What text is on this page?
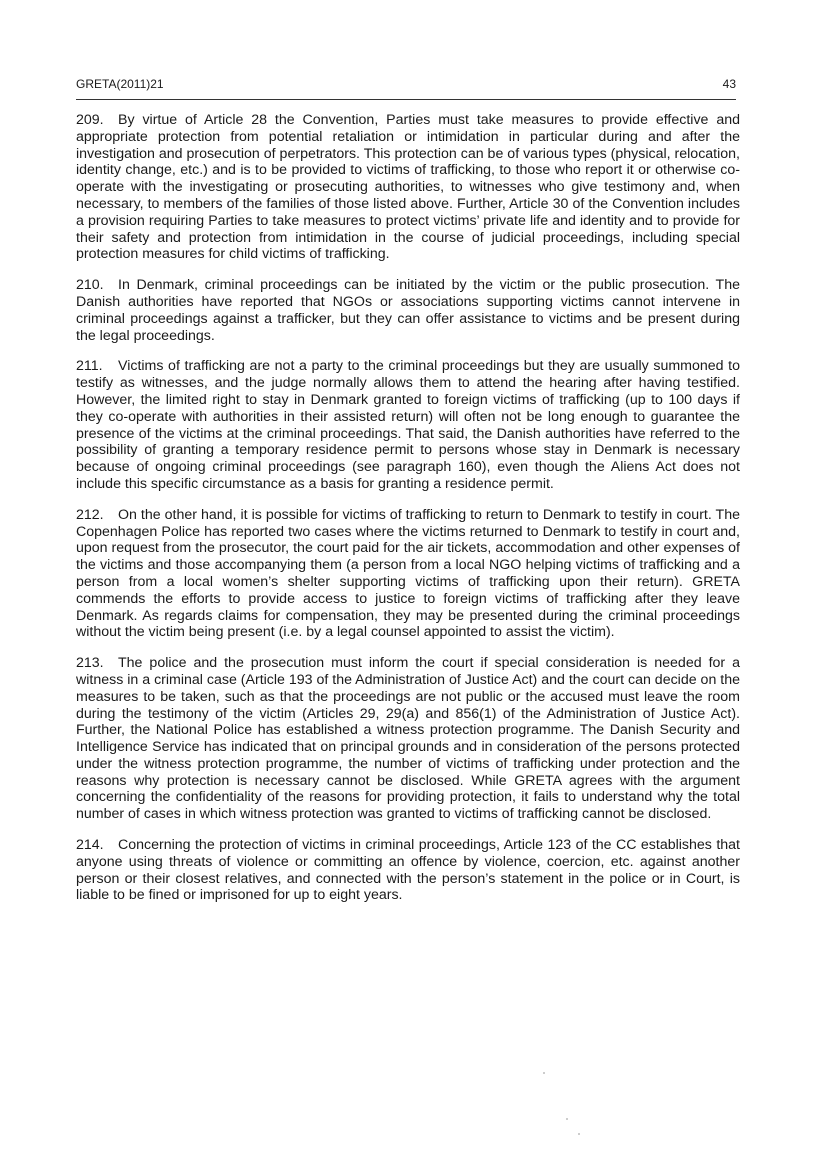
GRETA(2011)21	43

209. By virtue of Article 28 the Convention, Parties must take measures to provide effective and appropriate protection from potential retaliation or intimidation in particular during and after the investigation and prosecution of perpetrators. This protection can be of various types (physical, relocation, identity change, etc.) and is to be provided to victims of trafficking, to those who report it or otherwise co-operate with the investigating or prosecuting authorities, to witnesses who give testimony and, when necessary, to members of the families of those listed above. Further, Article 30 of the Convention includes a provision requiring Parties to take measures to protect victims’ private life and identity and to provide for their safety and protection from intimidation in the course of judicial proceedings, including special protection measures for child victims of trafficking.

210. In Denmark, criminal proceedings can be initiated by the victim or the public prosecution. The Danish authorities have reported that NGOs or associations supporting victims cannot intervene in criminal proceedings against a trafficker, but they can offer assistance to victims and be present during the legal proceedings.

211. Victims of trafficking are not a party to the criminal proceedings but they are usually summoned to testify as witnesses, and the judge normally allows them to attend the hearing after having testified. However, the limited right to stay in Denmark granted to foreign victims of trafficking (up to 100 days if they co-operate with authorities in their assisted return) will often not be long enough to guarantee the presence of the victims at the criminal proceedings. That said, the Danish authorities have referred to the possibility of granting a temporary residence permit to persons whose stay in Denmark is necessary because of ongoing criminal proceedings (see paragraph 160), even though the Aliens Act does not include this specific circumstance as a basis for granting a residence permit.

212. On the other hand, it is possible for victims of trafficking to return to Denmark to testify in court. The Copenhagen Police has reported two cases where the victims returned to Denmark to testify in court and, upon request from the prosecutor, the court paid for the air tickets, accommodation and other expenses of the victims and those accompanying them (a person from a local NGO helping victims of trafficking and a person from a local women’s shelter supporting victims of trafficking upon their return). GRETA commends the efforts to provide access to justice to foreign victims of trafficking after they leave Denmark. As regards claims for compensation, they may be presented during the criminal proceedings without the victim being present (i.e. by a legal counsel appointed to assist the victim).

213. The police and the prosecution must inform the court if special consideration is needed for a witness in a criminal case (Article 193 of the Administration of Justice Act) and the court can decide on the measures to be taken, such as that the proceedings are not public or the accused must leave the room during the testimony of the victim (Articles 29, 29(a) and 856(1) of the Administration of Justice Act). Further, the National Police has established a witness protection programme. The Danish Security and Intelligence Service has indicated that on principal grounds and in consideration of the persons protected under the witness protection programme, the number of victims of trafficking under protection and the reasons why protection is necessary cannot be disclosed. While GRETA agrees with the argument concerning the confidentiality of the reasons for providing protection, it fails to understand why the total number of cases in which witness protection was granted to victims of trafficking cannot be disclosed.

214. Concerning the protection of victims in criminal proceedings, Article 123 of the CC establishes that anyone using threats of violence or committing an offence by violence, coercion, etc. against another person or their closest relatives, and connected with the person’s statement in the police or in Court, is liable to be fined or imprisoned for up to eight years.
